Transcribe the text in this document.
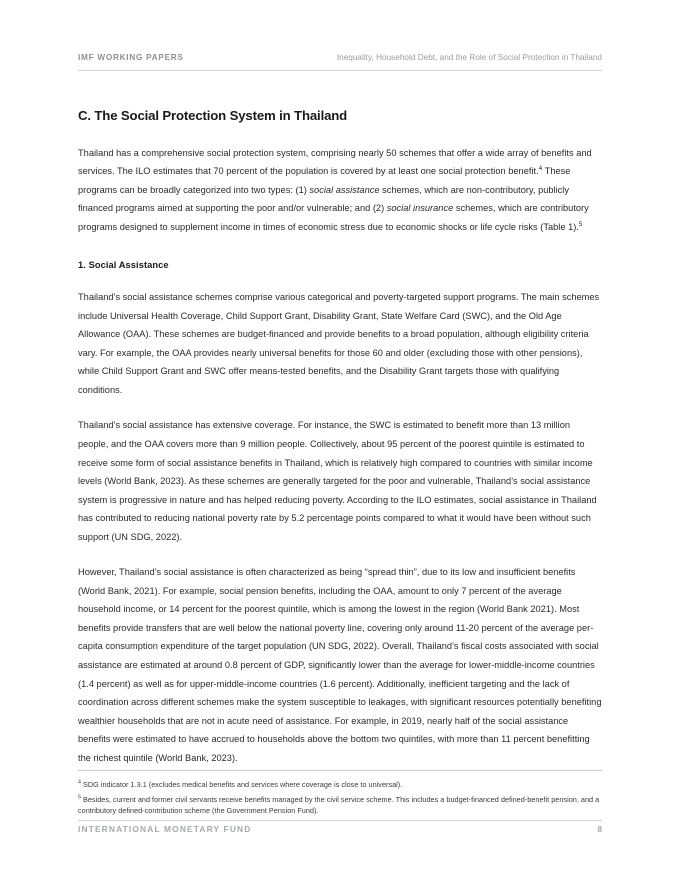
IMF WORKING PAPERS	Inequality, Household Debt, and the Role of Social Protection in Thailand
C. The Social Protection System in Thailand

Thailand has a comprehensive social protection system, comprising nearly 50 schemes that offer a wide array of benefits and services. The ILO estimates that 70 percent of the population is covered by at least one social protection benefit.$^4$ These programs can be broadly categorized into two types: (1) social assistance schemes, which are non-contributory, publicly financed programs aimed at supporting the poor and/or vulnerable; and (2) social insurance schemes, which are contributory programs designed to supplement income in times of economic stress due to economic shocks or life cycle risks (Table 1).$^5$

1. Social Assistance

Thailand’s social assistance schemes comprise various categorical and poverty-targeted support programs. The main schemes include Universal Health Coverage, Child Support Grant, Disability Grant, State Welfare Card (SWC), and the Old Age Allowance (OAA). These schemes are budget-financed and provide benefits to a broad population, although eligibility criteria vary. For example, the OAA provides nearly universal benefits for those 60 and older (excluding those with other pensions), while Child Support Grant and SWC offer means-tested benefits, and the Disability Grant targets those with qualifying conditions.

Thailand’s social assistance has extensive coverage. For instance, the SWC is estimated to benefit more than 13 million people, and the OAA covers more than 9 million people. Collectively, about 95 percent of the poorest quintile is estimated to receive some form of social assistance benefits in Thailand, which is relatively high compared to countries with similar income levels (World Bank, 2023). As these schemes are generally targeted for the poor and vulnerable, Thailand’s social assistance system is progressive in nature and has helped reducing poverty. According to the ILO estimates, social assistance in Thailand has contributed to reducing national poverty rate by 5.2 percentage points compared to what it would have been without such support (UN SDG, 2022).

However, Thailand’s social assistance is often characterized as being “spread thin”, due to its low and insufficient benefits (World Bank, 2021). For example, social pension benefits, including the OAA, amount to only 7 percent of the average household income, or 14 percent for the poorest quintile, which is among the lowest in the region (World Bank 2021). Most benefits provide transfers that are well below the national poverty line, covering only around 11-20 percent of the average per-capita consumption expenditure of the target population (UN SDG, 2022). Overall, Thailand’s fiscal costs associated with social assistance are estimated at around 0.8 percent of GDP, significantly lower than the average for lower-middle-income countries (1.4 percent) as well as for upper-middle-income countries (1.6 percent). Additionally, inefficient targeting and the lack of coordination across different schemes make the system susceptible to leakages, with significant resources potentially benefiting wealthier households that are not in acute need of assistance. For example, in 2019, nearly half of the social assistance benefits were estimated to have accrued to households above the bottom two quintiles, with more than 11 percent benefitting the richest quintile (World Bank, 2023).

$^4$ SDG indicator 1.3.1 (excludes medical benefits and services where coverage is close to universal).

$^5$ Besides, current and former civil servants receive benefits managed by the civil service scheme. This includes a budget-financed defined-benefit pension, and a contributory defined-contribution scheme (the Government Pension Fund).

INTERNATIONAL MONETARY FUND	8
